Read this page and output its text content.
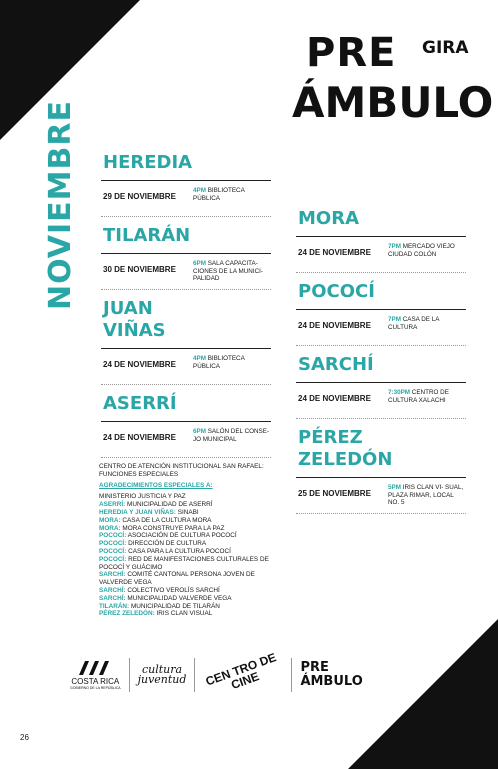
PRE GIRA
ÁMBULO
NOVIEMBRE HEREDIA
29 DE NOVIEMBRE
4PM BIBLIOTECA PÚBLICA
TILARÁN
30 DE NOVIEMBRE
6PM SALA CAPACITA- CIONES DE LA MUNICI- PALIDAD
JUAN
VIÑAS
24 DE NOVIEMBRE
4PM BIBLIOTECA PÚBLICA
ASERRÍ
24 DE NOVIEMBRE
6PM SALÓN DEL CONSE- JO MUNICIPAL
MORA
24 DE NOVIEMBRE
7PM MERCADO VIEJO CIUDAD COLÓN
POCOCÍ
24 DE NOVIEMBRE
7PM CASA DE LA CULTURA
SARCHÍ
24 DE NOVIEMBRE
7:30PM CENTRO DE CULTURA XALACHI
PÉREZ
ZELEDÓN
25 DE NOVIEMBRE
5PM IRIS CLAN VI- SUAL, PLAZA RIMAR, LOCAL NO. 5
CENTRO DE ATENCIÓN INSTITUCIONAL SAN RAFAEL: FUNCIONES ESPECIALES
AGRADECIMIENTOS ESPECIALES A:
MINISTERIO JUSTICIA Y PAZ
ASERRÍ: MUNICIPALIDAD DE ASERRÍ
HEREDIA Y JUAN VIÑAS: SINABI
MORA: CASA DE LA CULTURA MORA
MORA: MORA CONSTRUYE PARA LA PAZ
POCOCÍ: ASOCIACIÓN DE CULTURA POCOCÍ
POCOCÍ: DIRECCIÓN DE CULTURA
POCOCÍ: CASA PARA LA CULTURA POCOCÍ
POCOCÍ: RED DE MANIFESTACIONES CULTURALES DE POCOCÍ Y GUÁCIMO
SARCHÍ: COMITÉ CANTONAL PERSONA JOVEN DE VALVERDE VEGA
SARCHÍ: COLECTIVO VEROLÍS SARCHÍ
SARCHÍ: MUNICIPALIDAD VALVERDE VEGA
TILARÁN: MUNICIPALIDAD DE TILARÁN
PÉREZ ZELEDÓN: IRIS CLAN VISUAL
COSTA RICA
GOBIERNO DE LA REPÚBLICA
cultura
juventud CEN TRO DE CINE
PRE ÁMBULO
26
